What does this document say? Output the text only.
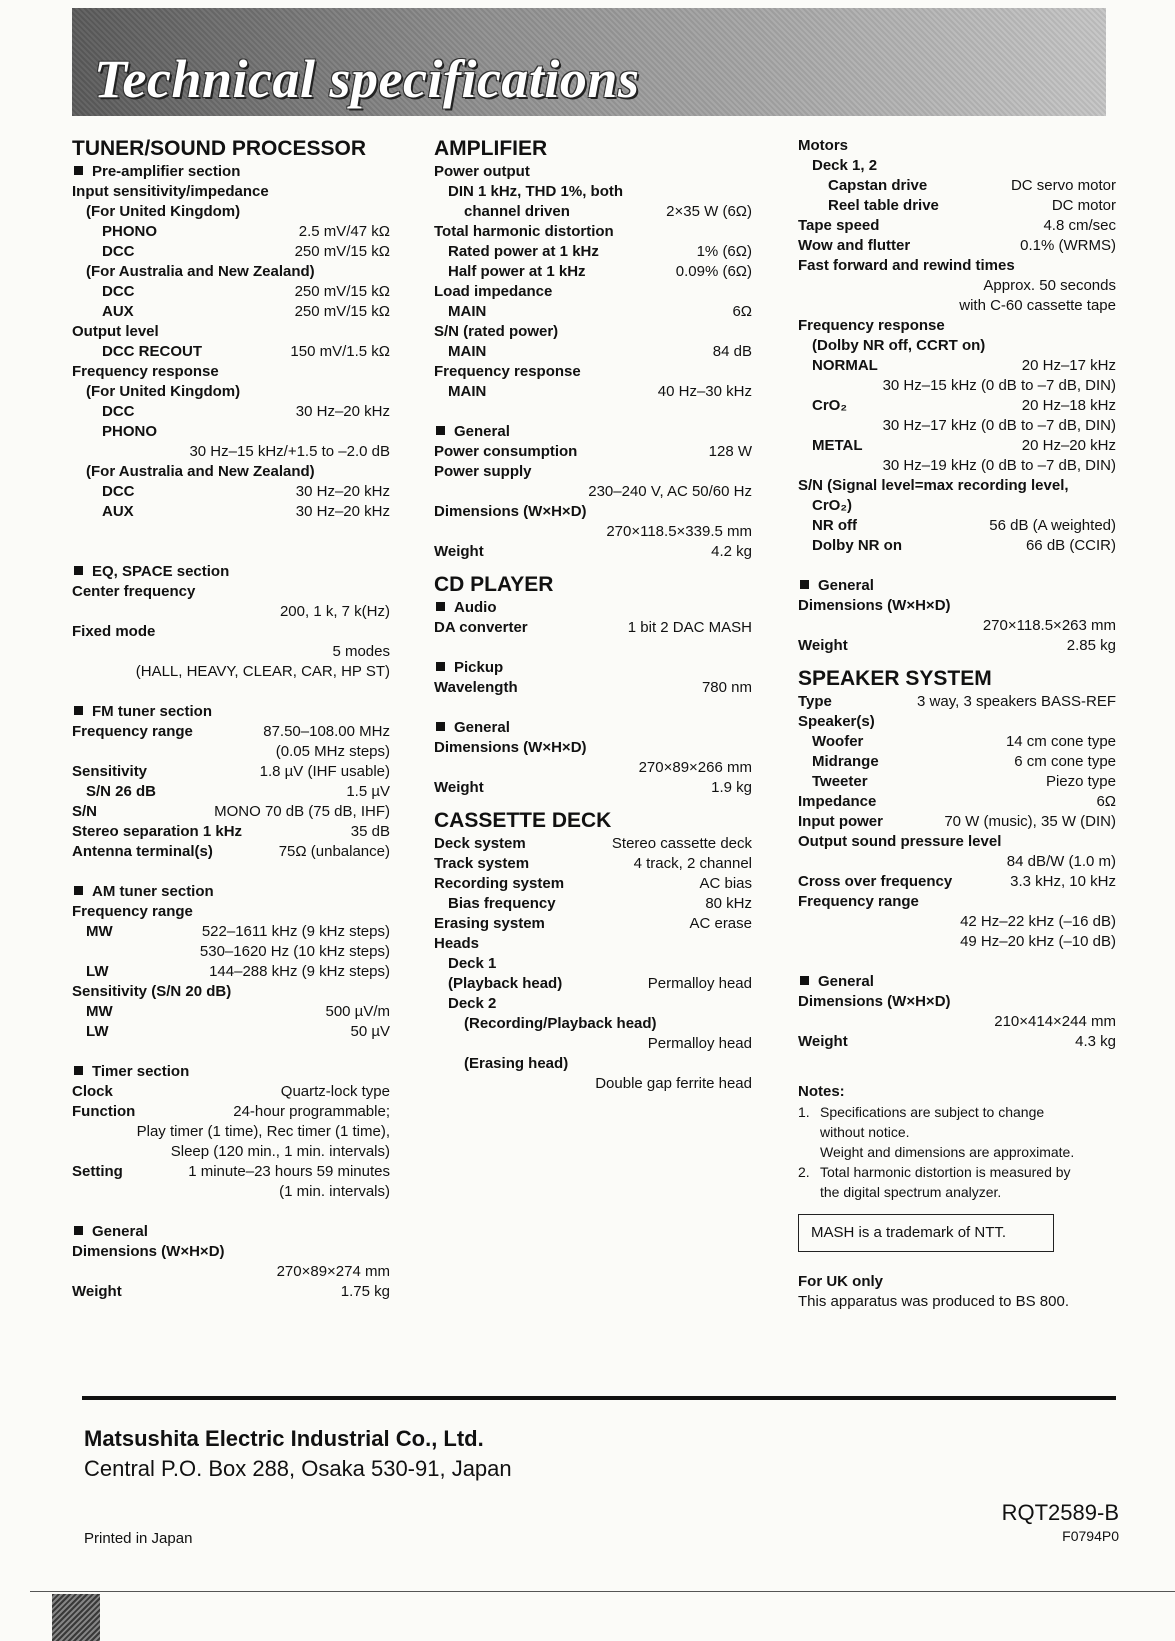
Technical specifications
TUNER/SOUND PROCESSOR
Pre-amplifier section
Input sensitivity/impedance
(For United Kingdom)
PHONO	2.5 mV/47 kΩ
DCC	250 mV/15 kΩ
(For Australia and New Zealand)
DCC	250 mV/15 kΩ
AUX	250 mV/15 kΩ
Output level
DCC RECOUT	150 mV/1.5 kΩ
Frequency response
(For United Kingdom)
DCC	30 Hz–20 kHz
PHONO
30 Hz–15 kHz/+1.5 to –2.0 dB
(For Australia and New Zealand)
DCC	30 Hz–20 kHz
AUX	30 Hz–20 kHz
EQ, SPACE section
Center frequency
200, 1 k, 7 k(Hz)
Fixed mode
5 modes
(HALL, HEAVY, CLEAR, CAR, HP ST)
FM tuner section
Frequency range	87.50–108.00 MHz
(0.05 MHz steps)
Sensitivity	1.8 µV (IHF usable)
S/N 26 dB	1.5 µV
S/N	MONO 70 dB (75 dB, IHF)
Stereo separation 1 kHz	35 dB
Antenna terminal(s)	75Ω (unbalance)
AM tuner section
Frequency range
MW	522–1611 kHz (9 kHz steps)
530–1620 Hz (10 kHz steps)
LW	144–288 kHz (9 kHz steps)
Sensitivity (S/N 20 dB)
MW	500 µV/m
LW	50 µV
Timer section
Clock	Quartz-lock type
Function	24-hour programmable;
Play timer (1 time), Rec timer (1 time),
Sleep (120 min., 1 min. intervals)
Setting	1 minute–23 hours 59 minutes
(1 min. intervals)
General
Dimensions (W×H×D)
270×89×274 mm
Weight	1.75 kg
AMPLIFIER
Power output
DIN 1 kHz, THD 1%, both
channel driven	2×35 W (6Ω)
Total harmonic distortion
Rated power at 1 kHz	1% (6Ω)
Half power at 1 kHz	0.09% (6Ω)
Load impedance
MAIN	6Ω
S/N (rated power)
MAIN	84 dB
Frequency response
MAIN	40 Hz–30 kHz
General
Power consumption	128 W
Power supply
230–240 V, AC 50/60 Hz
Dimensions (W×H×D)
270×118.5×339.5 mm
Weight	4.2 kg
CD PLAYER
Audio
DA converter	1 bit 2 DAC MASH
Pickup
Wavelength	780 nm
General
Dimensions (W×H×D)
270×89×266 mm
Weight	1.9 kg
CASSETTE DECK
Deck system	Stereo cassette deck
Track system	4 track, 2 channel
Recording system	AC bias
Bias frequency	80 kHz
Erasing system	AC erase
Heads
Deck 1
(Playback head)	Permalloy head
Deck 2
(Recording/Playback head)
Permalloy head
(Erasing head)
Double gap ferrite head
Motors
Deck 1, 2
Capstan drive	DC servo motor
Reel table drive	DC motor
Tape speed	4.8 cm/sec
Wow and flutter	0.1% (WRMS)
Fast forward and rewind times
Approx. 50 seconds
with C-60 cassette tape
Frequency response
(Dolby NR off, CCRT on)
NORMAL	20 Hz–17 kHz
30 Hz–15 kHz (0 dB to –7 dB, DIN)
CrO₂	20 Hz–18 kHz
30 Hz–17 kHz (0 dB to –7 dB, DIN)
METAL	20 Hz–20 kHz
30 Hz–19 kHz (0 dB to –7 dB, DIN)
S/N (Signal level=max recording level,
CrO₂)
NR off	56 dB (A weighted)
Dolby NR on	66 dB (CCIR)
General
Dimensions (W×H×D)
270×118.5×263 mm
Weight	2.85 kg
SPEAKER SYSTEM
Type	3 way, 3 speakers BASS-REF
Speaker(s)
Woofer	14 cm cone type
Midrange	6 cm cone type
Tweeter	Piezo type
Impedance	6Ω
Input power	70 W (music), 35 W (DIN)
Output sound pressure level
84 dB/W (1.0 m)
Cross over frequency	3.3 kHz, 10 kHz
Frequency range
42 Hz–22 kHz (–16 dB)
49 Hz–20 kHz (–10 dB)
General
Dimensions (W×H×D)
210×414×244 mm
Weight	4.3 kg
Notes:
1. Specifications are subject to change
without notice.
Weight and dimensions are approximate.
2. Total harmonic distortion is measured by
the digital spectrum analyzer.
MASH is a trademark of NTT.
For UK only
This apparatus was produced to BS 800.
Matsushita Electric Industrial Co., Ltd.
Central P.O. Box 288, Osaka 530-91, Japan
Printed in Japan
RQT2589-B
F0794P0
